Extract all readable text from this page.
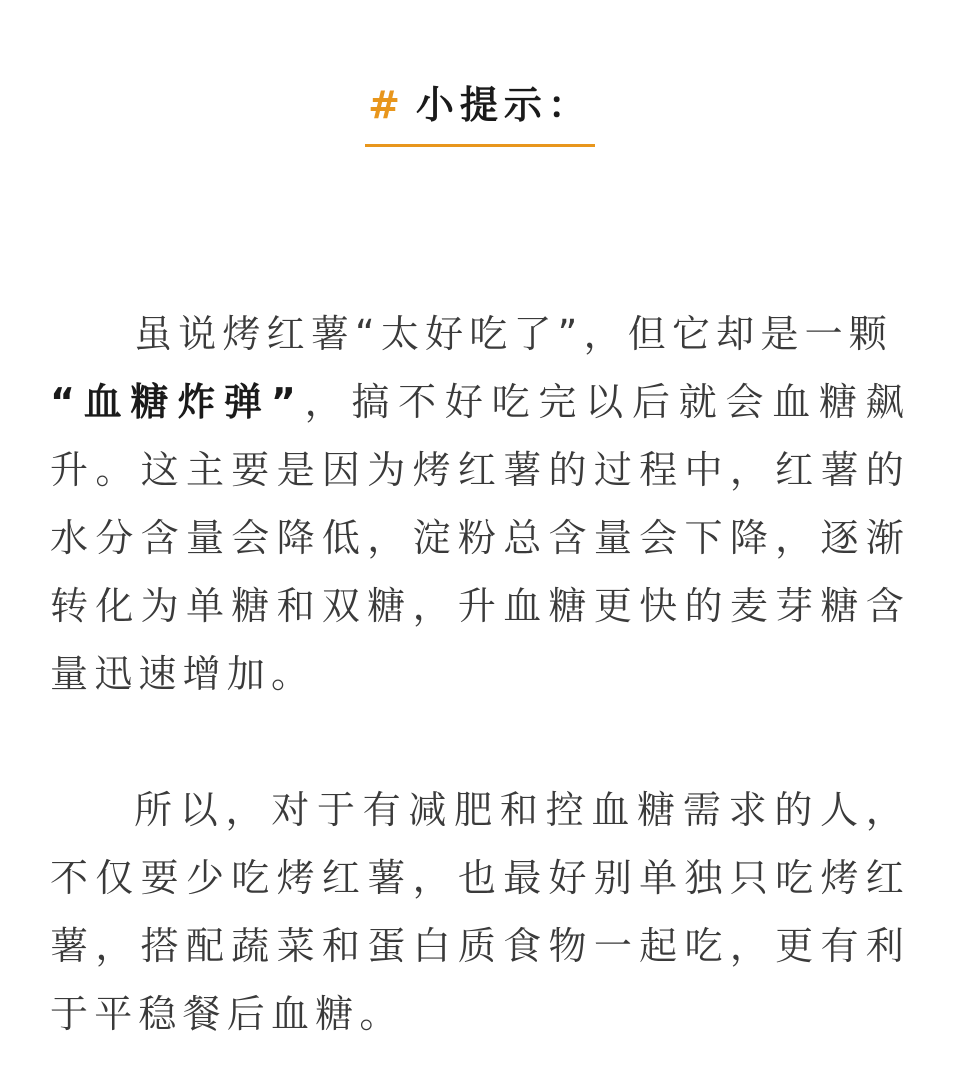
# 小提示：

虽说烤红薯“太好吃了”，但它却是一颗
“血糖炸弹”，搞不好吃完以后就会血糖飙升。这主要是因为烤红薯的过程中，红薯的水分含量会降低，淀粉总含量会下降，逐渐转化为单糖和双糖，升血糖更快的麦芽糖含量迅速增加。

所以，对于有减肥和控血糖需求的人，不仅要少吃烤红薯，也最好别单独只吃烤红薯，搭配蔬菜和蛋白质食物一起吃，更有利于平稳餐后血糖。
